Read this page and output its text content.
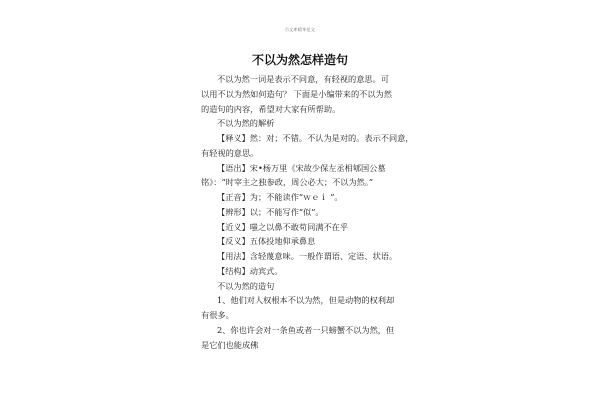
百文库精华范文
不以为然怎样造句
不以为然一词是表示不同意，有轻视的意思。可
以用不以为然如何造句？ 下面是小编带来的不以为然
的造句的内容，希望对大家有所帮助。
不以为然的解析
【释义】然：对；不错。不认为是对的。表示不同意，
有轻视的意思。
【语出】宋•杨万里《宋故少保左丞相郇国公墓
铭》：“时宰主之独参政，周公必大；不以为然。”
【正音】为；不能读作“ｗｅｉ ”。
【辨形】以；不能写作“似”。
【近义】嗤之以鼻不敢苟同满不在乎
【反义】五体投地仰承鼻息
【用法】含轻蔑意味。一般作谓语、定语、状语。
【结构】动宾式。
不以为然的造句
1、他们对人权根本不以为然，但是动物的权利却
有很多。
2、你也许会对一条鱼或者一只螃蟹不以为然，但
是它们也能成佛
